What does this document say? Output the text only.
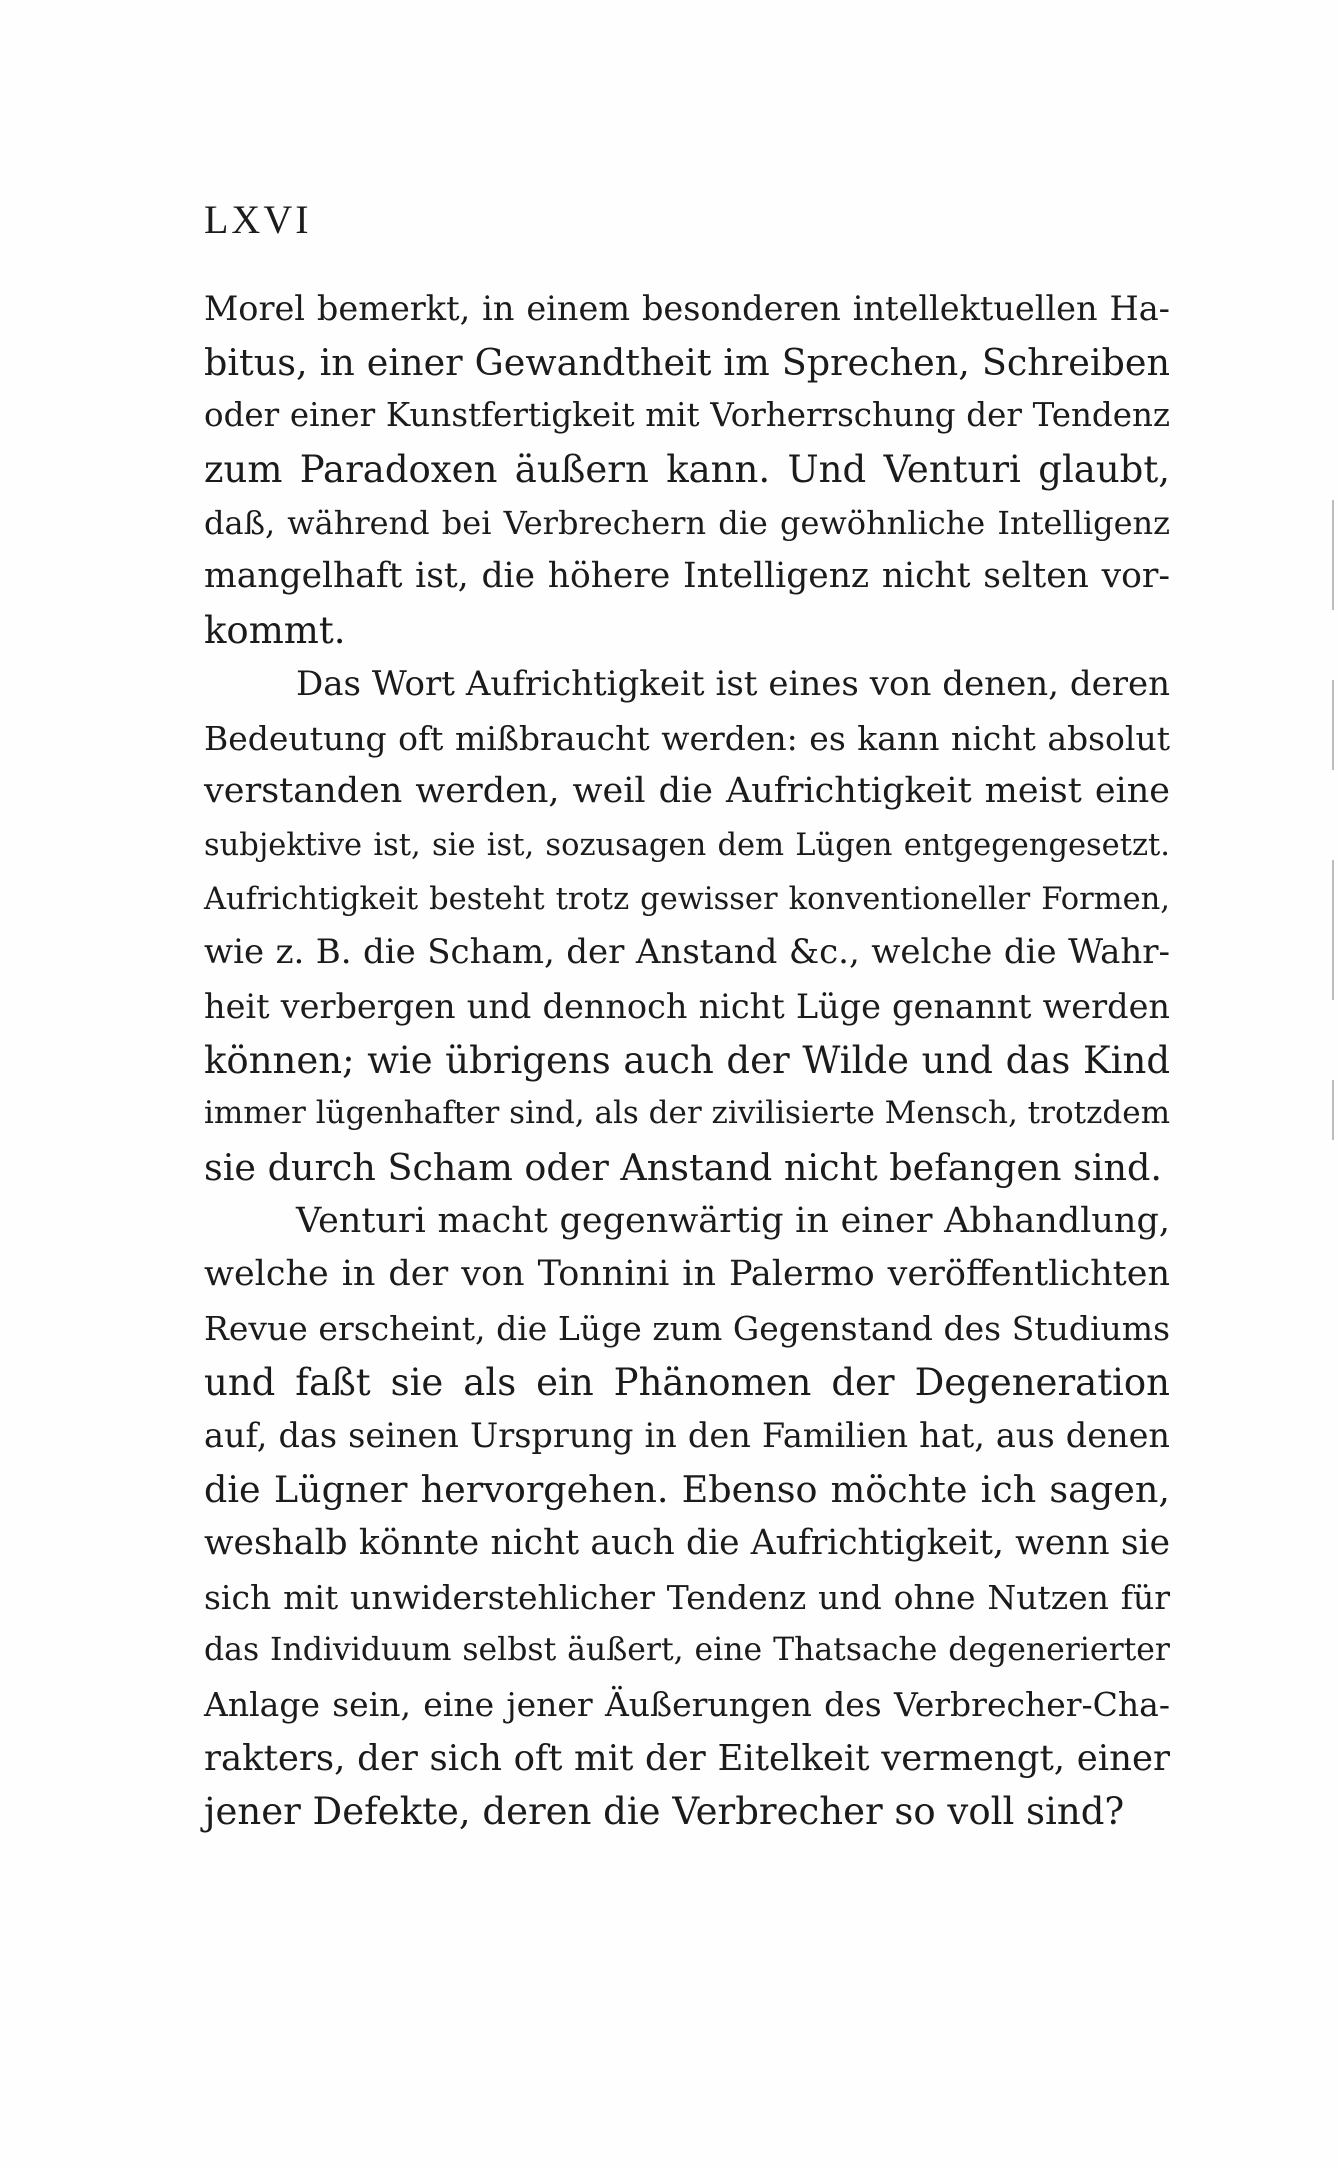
LXVI
Morel bemerkt, in einem besonderen intellektuellen Ha-
bitus, in einer Gewandtheit im Sprechen, Schreiben
oder einer Kunstfertigkeit mit Vorherrschung der Tendenz
zum Paradoxen äußern kann. Und Venturi glaubt,
daß, während bei Verbrechern die gewöhnliche Intelligenz
mangelhaft ist, die höhere Intelligenz nicht selten vor-
kommt.
Das Wort Aufrichtigkeit ist eines von denen, deren
Bedeutung oft mißbraucht werden: es kann nicht absolut
verstanden werden, weil die Aufrichtigkeit meist eine
subjektive ist, sie ist, sozusagen dem Lügen entgegengesetzt.
Aufrichtigkeit besteht trotz gewisser konventioneller Formen,
wie z. B. die Scham, der Anstand &c., welche die Wahr-
heit verbergen und dennoch nicht Lüge genannt werden
können; wie übrigens auch der Wilde und das Kind
immer lügenhafter sind, als der zivilisierte Mensch, trotzdem
sie durch Scham oder Anstand nicht befangen sind.
Venturi macht gegenwärtig in einer Abhandlung,
welche in der von Tonnini in Palermo veröffentlichten
Revue erscheint, die Lüge zum Gegenstand des Studiums
und faßt sie als ein Phänomen der Degeneration
auf, das seinen Ursprung in den Familien hat, aus denen
die Lügner hervorgehen. Ebenso möchte ich sagen,
weshalb könnte nicht auch die Aufrichtigkeit, wenn sie
sich mit unwiderstehlicher Tendenz und ohne Nutzen für
das Individuum selbst äußert, eine Thatsache degenerierter
Anlage sein, eine jener Äußerungen des Verbrecher-Cha-
rakters, der sich oft mit der Eitelkeit vermengt, einer
jener Defekte, deren die Verbrecher so voll sind?
